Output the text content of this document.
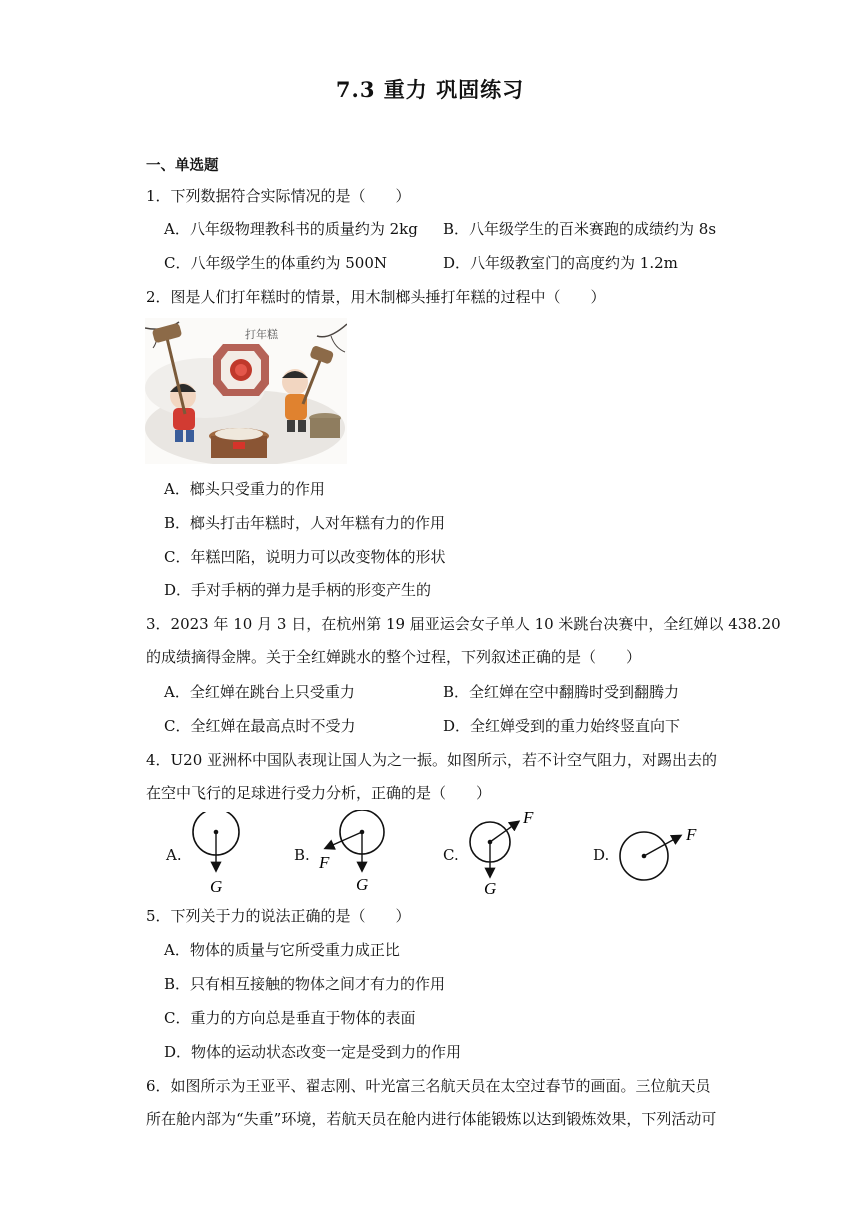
7.3 重力 巩固练习
一、单选题
1．下列数据符合实际情况的是（　　）
A．八年级物理教科书的质量约为 2kg B．八年级学生的百米赛跑的成绩约为 8s
C．八年级学生的体重约为 500N	D．八年级教室门的高度约为 1.2m
2．图是人们打年糕时的情景，用木制榔头捶打年糕的过程中（　　）
打年糕
A．榔头只受重力的作用
B．榔头打击年糕时，人对年糕有力的作用
C．年糕凹陷，说明力可以改变物体的形状
D．手对手柄的弹力是手柄的形变产生的
3．2023 年 10 月 3 日，在杭州第 19 届亚运会女子单人 10 米跳台决赛中，全红婵以 438.20
的成绩摘得金牌。关于全红婵跳水的整个过程，下列叙述正确的是（　　）
A．全红婵在跳台上只受重力	B．全红婵在空中翻腾时受到翻腾力
C．全红婵在最高点时不受力	D．全红婵受到的重力始终竖直向下
4．U20 亚洲杯中国队表现让国人为之一振。如图所示，若不计空气阻力，对踢出去的
在空中飞行的足球进行受力分析，正确的是（　　）
A.
G
B.
G
F	C.
G
F
D.
F
5．下列关于力的说法正确的是（　　）
A．物体的质量与它所受重力成正比
B．只有相互接触的物体之间才有力的作用
C．重力的方向总是垂直于物体的表面
D．物体的运动状态改变一定是受到力的作用
6．如图所示为王亚平、翟志刚、叶光富三名航天员在太空过春节的画面。三位航天员
所在舱内部为“失重”环境，若航天员在舱内进行体能锻炼以达到锻炼效果，下列活动可
